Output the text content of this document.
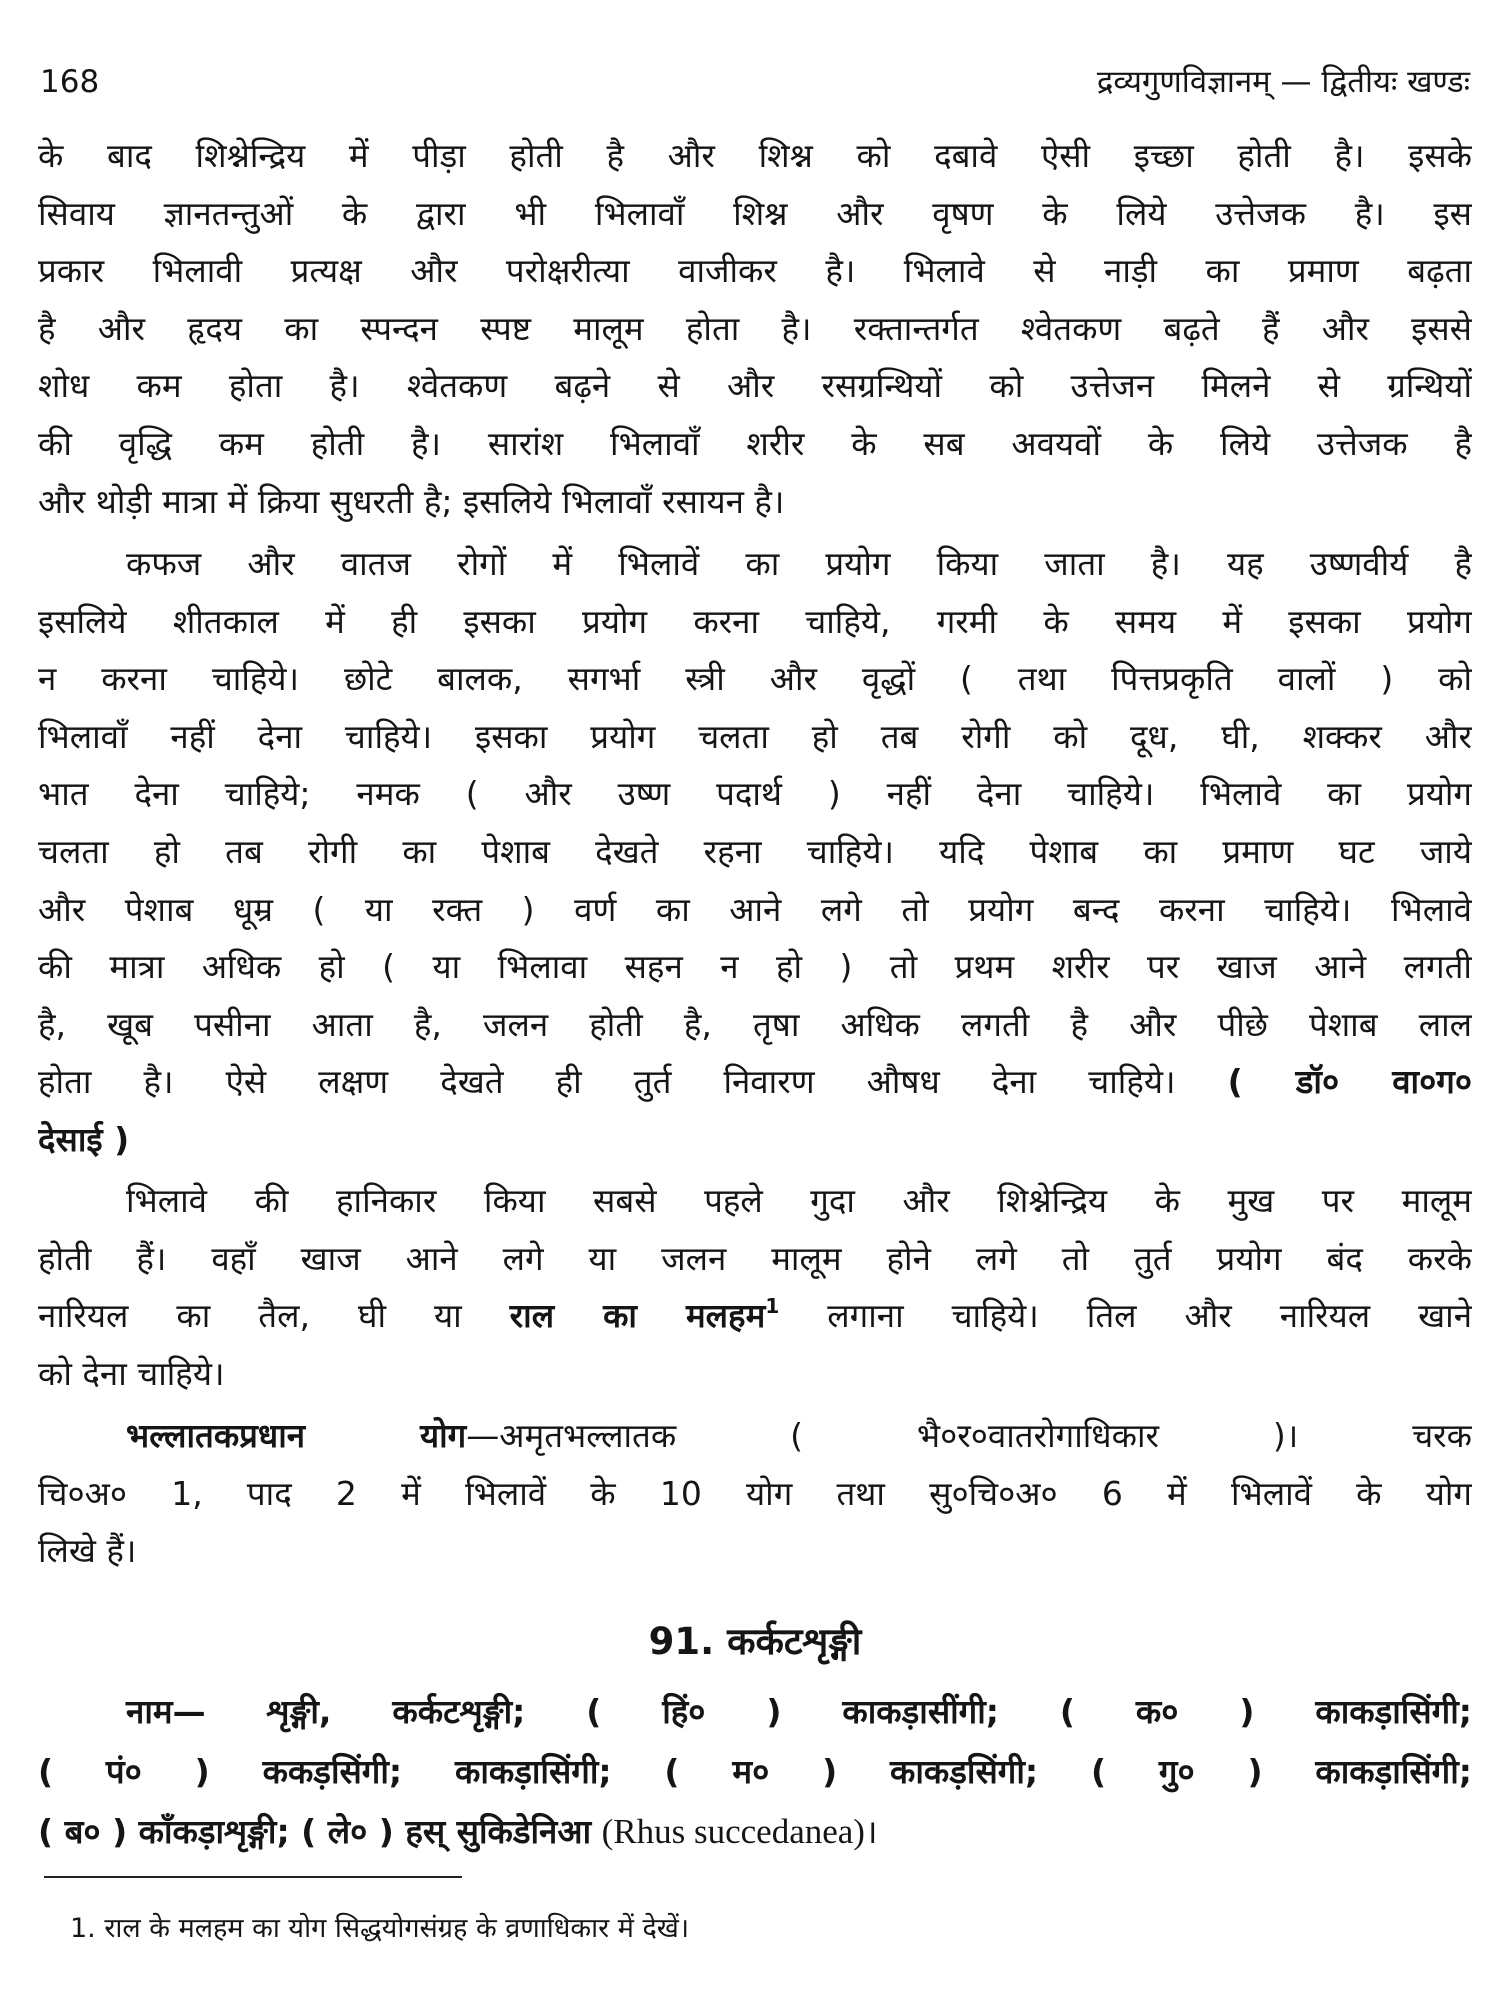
168	द्रव्यगुणविज्ञानम् — द्वितीयः खण्डः
के बाद शिश्नेन्द्रिय में पीड़ा होती है और शिश्न को दबावे ऐसी इच्छा होती है। इसके
सिवाय ज्ञानतन्तुओं के द्वारा भी भिलावाँ शिश्न और वृषण के लिये उत्तेजक है। इस
प्रकार भिलावी प्रत्यक्ष और परोक्षरीत्या वाजीकर है। भिलावे से नाड़ी का प्रमाण बढ़ता
है और हृदय का स्पन्दन स्पष्ट मालूम होता है। रक्तान्तर्गत श्वेतकण बढ़ते हैं और इससे
शोध कम होता है। श्वेतकण बढ़ने से और रसग्रन्थियों को उत्तेजन मिलने से ग्रन्थियों
की वृद्धि कम होती है। सारांश भिलावाँ शरीर के सब अवयवों के लिये उत्तेजक है
और थोड़ी मात्रा में क्रिया सुधरती है; इसलिये भिलावाँ रसायन है।
कफज और वातज रोगों में भिलावें का प्रयोग किया जाता है। यह उष्णवीर्य है
इसलिये शीतकाल में ही इसका प्रयोग करना चाहिये, गरमी के समय में इसका प्रयोग
न करना चाहिये। छोटे बालक, सगर्भा स्त्री और वृद्धों ( तथा पित्तप्रकृति वालों ) को
भिलावाँ नहीं देना चाहिये। इसका प्रयोग चलता हो तब रोगी को दूध, घी, शक्कर और
भात देना चाहिये; नमक ( और उष्ण पदार्थ ) नहीं देना चाहिये। भिलावे का प्रयोग
चलता हो तब रोगी का पेशाब देखते रहना चाहिये। यदि पेशाब का प्रमाण घट जाये
और पेशाब धूम्र ( या रक्त ) वर्ण का आने लगे तो प्रयोग बन्द करना चाहिये। भिलावे
की मात्रा अधिक हो ( या भिलावा सहन न हो ) तो प्रथम शरीर पर खाज आने लगती
है, खूब पसीना आता है, जलन होती है, तृषा अधिक लगती है और पीछे पेशाब लाल
होता है। ऐसे लक्षण देखते ही तुर्त निवारण औषध देना चाहिये। ( डॉ० वा०ग०
देसाई )
भिलावे की हानिकार किया सबसे पहले गुदा और शिश्नेन्द्रिय के मुख पर मालूम
होती हैं। वहाँ खाज आने लगे या जलन मालूम होने लगे तो तुर्त प्रयोग बंद करके
नारियल का तैल, घी या राल का मलहम$^1$ लगाना चाहिये। तिल और नारियल खाने
को देना चाहिये।
भल्लातकप्रधान योग—अमृतभल्लातक ( भै०र०वातरोगाधिकार )। चरक
चि०अ० 1, पाद 2 में भिलावें के 10 योग तथा सु०चि०अ० 6 में भिलावें के योग
लिखे हैं।
91. कर्कटशृङ्गी
नाम— शृङ्गी, कर्कटशृङ्गी; ( हिं० ) काकड़ासींगी; ( क० ) काकड़ासिंगी;
( पं० ) ककड़सिंगी; काकड़ासिंगी; ( म० ) काकड़सिंगी; ( गु० ) काकड़ासिंगी;
( ब० ) काँकड़ाशृङ्गी; ( ले० ) हस् सुकिडेनिआ (Rhus succedanea)।
1. राल के मलहम का योग सिद्धयोगसंग्रह के व्रणाधिकार में देखें।
